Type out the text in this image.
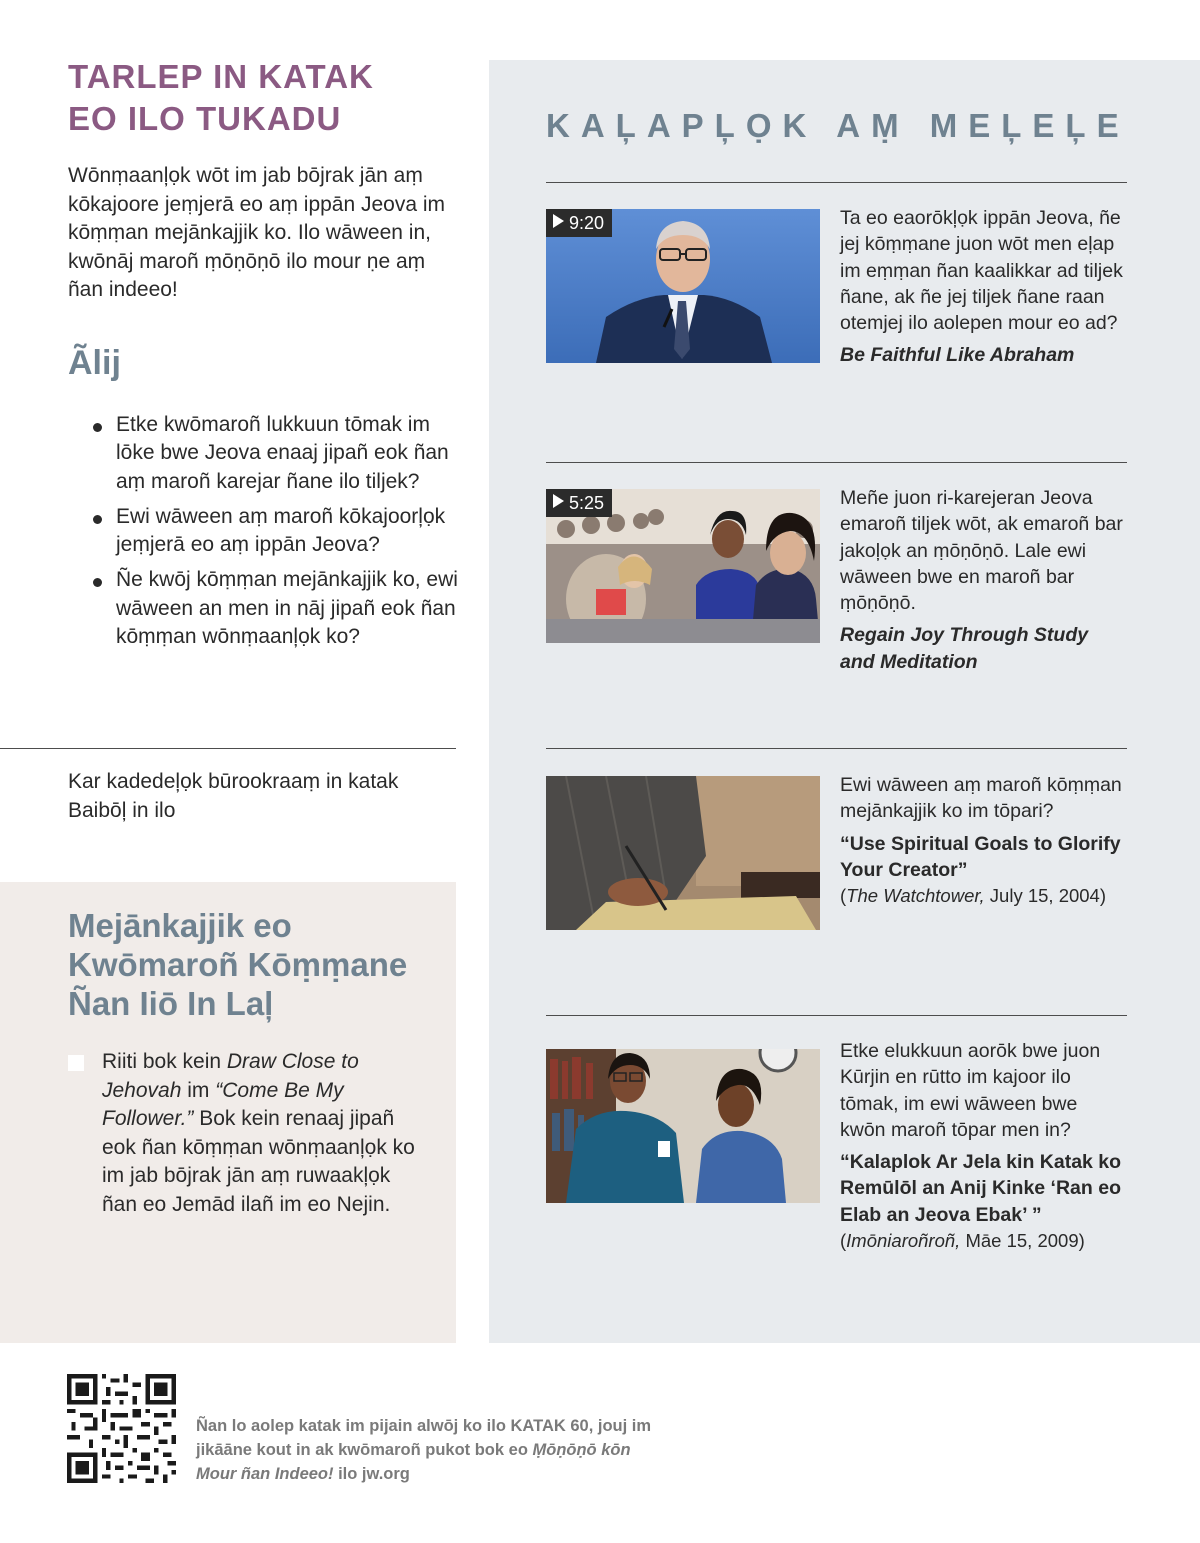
TARLEP IN KATAK
EO ILO TUKADU

Wōnṃaanļọk wōt im jab bōjrak jān aṃ kōkajoore jeṃjerā eo aṃ ippān Jeova im kōṃṃan mejānkajjik ko. Ilo wāween in, kwōnāj maroñ ṃōṇōṇō ilo mour ṇe aṃ ñan indeeo!

Ãlij
Etke kwōmaroñ lukkuun tōmak im lōke bwe Jeova enaaj jipañ eok ñan aṃ maroñ karejar ñane ilo tiljek?
Ewi wāween aṃ maroñ kōkajoorļọk jeṃjerā eo aṃ ippān Jeova?
Ñe kwōj kōṃṃan mejānkajjik ko, ewi wāween an men in nāj jipañ eok ñan kōṃṃan wōnṃaanļọk ko?

Kar kadedeļọk būrookraaṃ in katak Baibōļ in ilo

Mejānkajjik eo Kwōmaroñ Kōṃṃane Ñan Iiō In Laļ

Riiti bok kein Draw Close to Jehovah im “Come Be My Follower.” Bok kein renaaj jipañ eok ñan kōṃṃan wōnṃaanļọk ko im jab bōjrak jān aṃ ruwaakļọk ñan eo Jemād ilañ im eo Nejin.

KAĻAPĻỌK AṂ MEĻEĻE
9:20	Ta eo eaorōkļọk ippān Jeova, ñe jej kōṃṃane juon wōt men eļap im eṃṃan ñan kaalikkar ad tiljek ñane, ak ñe jej tiljek ñane raan otemjej ilo aolepen mour eo ad?
Be Faithful Like Abraham

5:25	Meñe juon ri-karejeran Jeova emaroñ tiljek wōt, ak emaroñ bar jakoļọk an ṃōṇōṇō. Lale ewi wāween bwe en maroñ bar ṃōṇōṇō.
Regain Joy Through Study and Meditation

Ewi wāween aṃ maroñ kōṃṃan mejānkajjik ko im tōpari?
“Use Spiritual Goals to Glorify Your Creator”
(The Watchtower, July 15, 2004)

Etke elukkuun aorōk bwe juon Kūrjin en rūtto im kajoor ilo tōmak, im ewi wāween bwe kwōn maroñ tōpar men in?
“Kalaplok Ar Jela kin Katak ko Remūlōl an Anij Kinke ‘Ran eo Elab an Jeova Ebak’ ”
(Imōniaroñroñ, Māe 15, 2009)

Ñan lo aolep katak im pijain alwōj ko ilo KATAK 60, jouj im jikāāne kout in ak kwōmaroñ pukot bok eo Ṃōṇōṇō kōn Mour ñan Indeeo! ilo jw.org
